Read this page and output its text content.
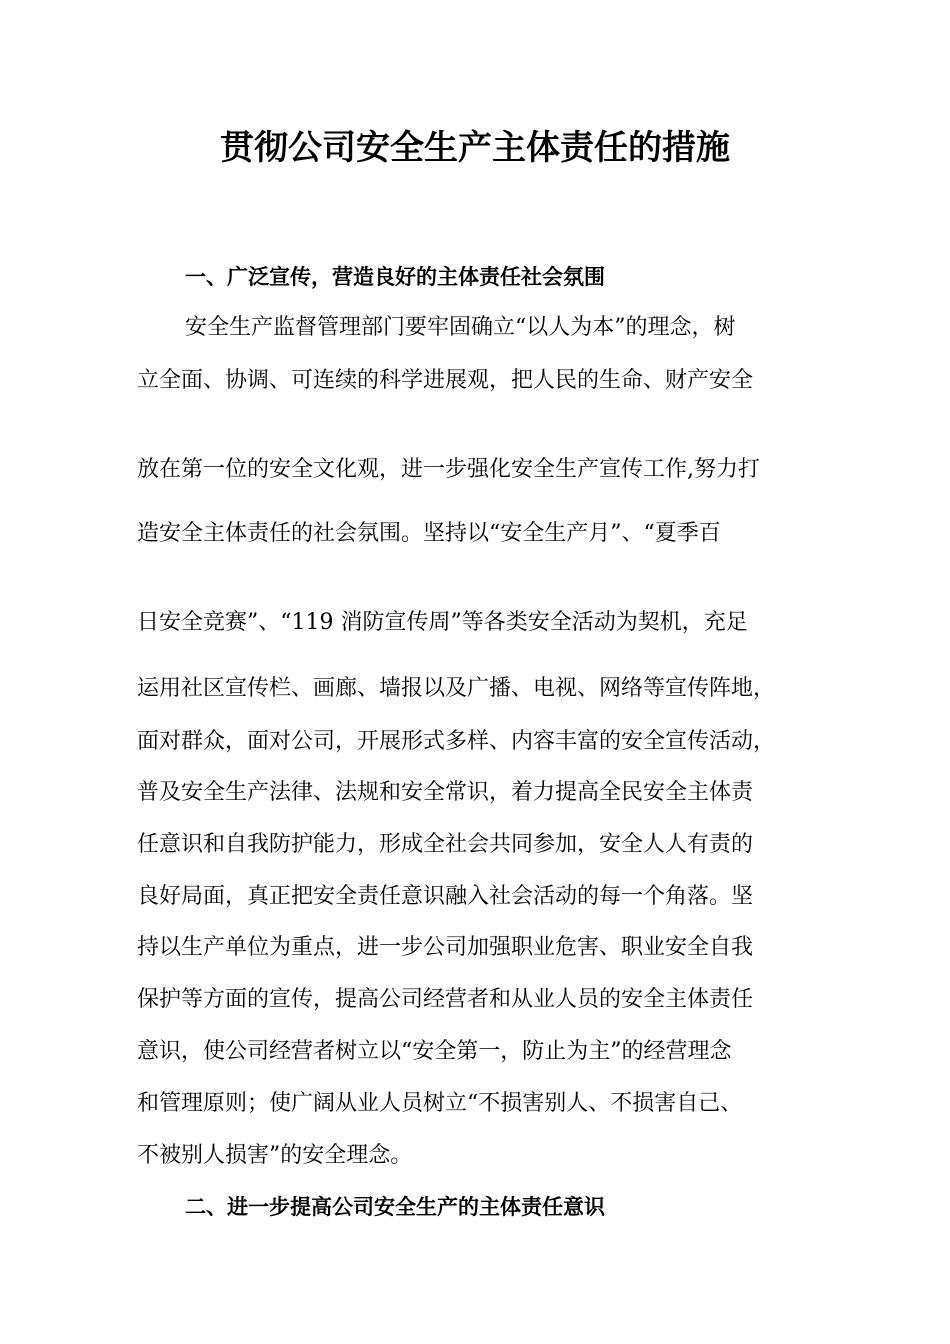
贯彻公司安全生产主体责任的措施
一、广泛宣传，营造良好的主体责任社会氛围
安全生产监督管理部门要牢固确立“以人为本”的理念，树
立全面、协调、可连续的科学进展观，把人民的生命、财产安全
放在第一位的安全文化观，进一步强化安全生产宣传工作,努力打
造安全主体责任的社会氛围。坚持以“安全生产月”、“夏季百
日安全竞赛”、“119 消防宣传周”等各类安全活动为契机，充足
运用社区宣传栏、画廊、墙报以及广播、电视、网络等宣传阵地，
面对群众，面对公司，开展形式多样、内容丰富的安全宣传活动，
普及安全生产法律、法规和安全常识，着力提高全民安全主体责
任意识和自我防护能力，形成全社会共同参加，安全人人有责的
良好局面，真正把安全责任意识融入社会活动的每一个角落。坚
持以生产单位为重点，进一步公司加强职业危害、职业安全自我
保护等方面的宣传，提高公司经营者和从业人员的安全主体责任
意识，使公司经营者树立以“安全第一，防止为主”的经营理念
和管理原则；使广阔从业人员树立“不损害别人、不损害自己、
不被别人损害”的安全理念。
二、进一步提高公司安全生产的主体责任意识
